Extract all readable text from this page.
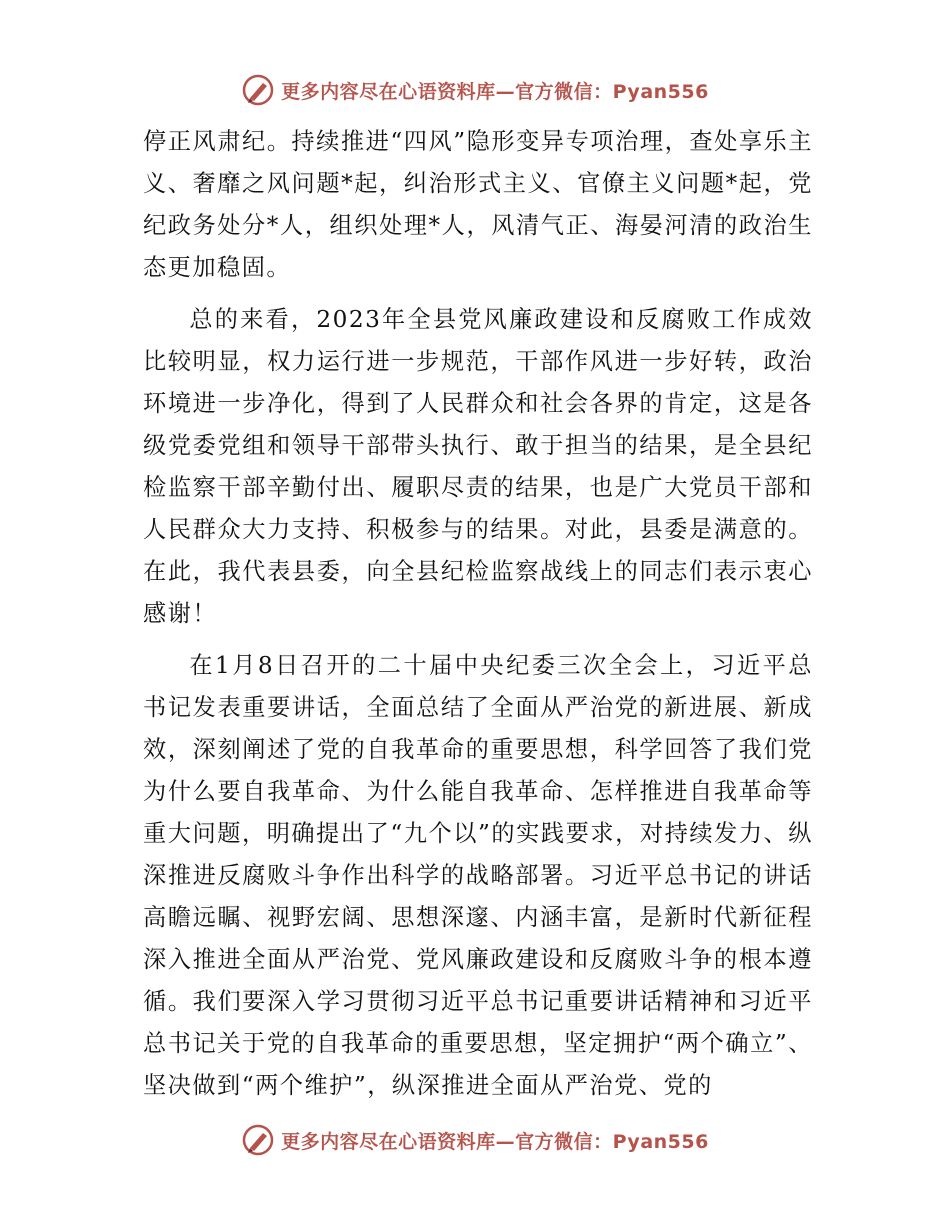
更多内容尽在心语资料库—官方微信：Pyan556

停正风肃纪。持续推进“四风”隐形变异专项治理，查处享乐主义、奢靡之风问题*起，纠治形式主义、官僚主义问题*起，党纪政务处分*人，组织处理*人，风清气正、海晏河清的政治生态更加稳固。

总的来看，2023年全县党风廉政建设和反腐败工作成效比较明显，权力运行进一步规范，干部作风进一步好转，政治环境进一步净化，得到了人民群众和社会各界的肯定，这是各级党委党组和领导干部带头执行、敢于担当的结果，是全县纪检监察干部辛勤付出、履职尽责的结果，也是广大党员干部和人民群众大力支持、积极参与的结果。对此，县委是满意的。在此，我代表县委，向全县纪检监察战线上的同志们表示衷心感谢！

在1月8日召开的二十届中央纪委三次全会上，习近平总书记发表重要讲话，全面总结了全面从严治党的新进展、新成效，深刻阐述了党的自我革命的重要思想，科学回答了我们党为什么要自我革命、为什么能自我革命、怎样推进自我革命等重大问题，明确提出了“九个以”的实践要求，对持续发力、纵深推进反腐败斗争作出科学的战略部署。习近平总书记的讲话高瞻远瞩、视野宏阔、思想深邃、内涵丰富，是新时代新征程深入推进全面从严治党、党风廉政建设和反腐败斗争的根本遵循。我们要深入学习贯彻习近平总书记重要讲话精神和习近平总书记关于党的自我革命的重要思想，坚定拥护“两个确立”、坚决做到“两个维护”，纵深推进全面从严治党、党的

更多内容尽在心语资料库—官方微信：Pyan556
